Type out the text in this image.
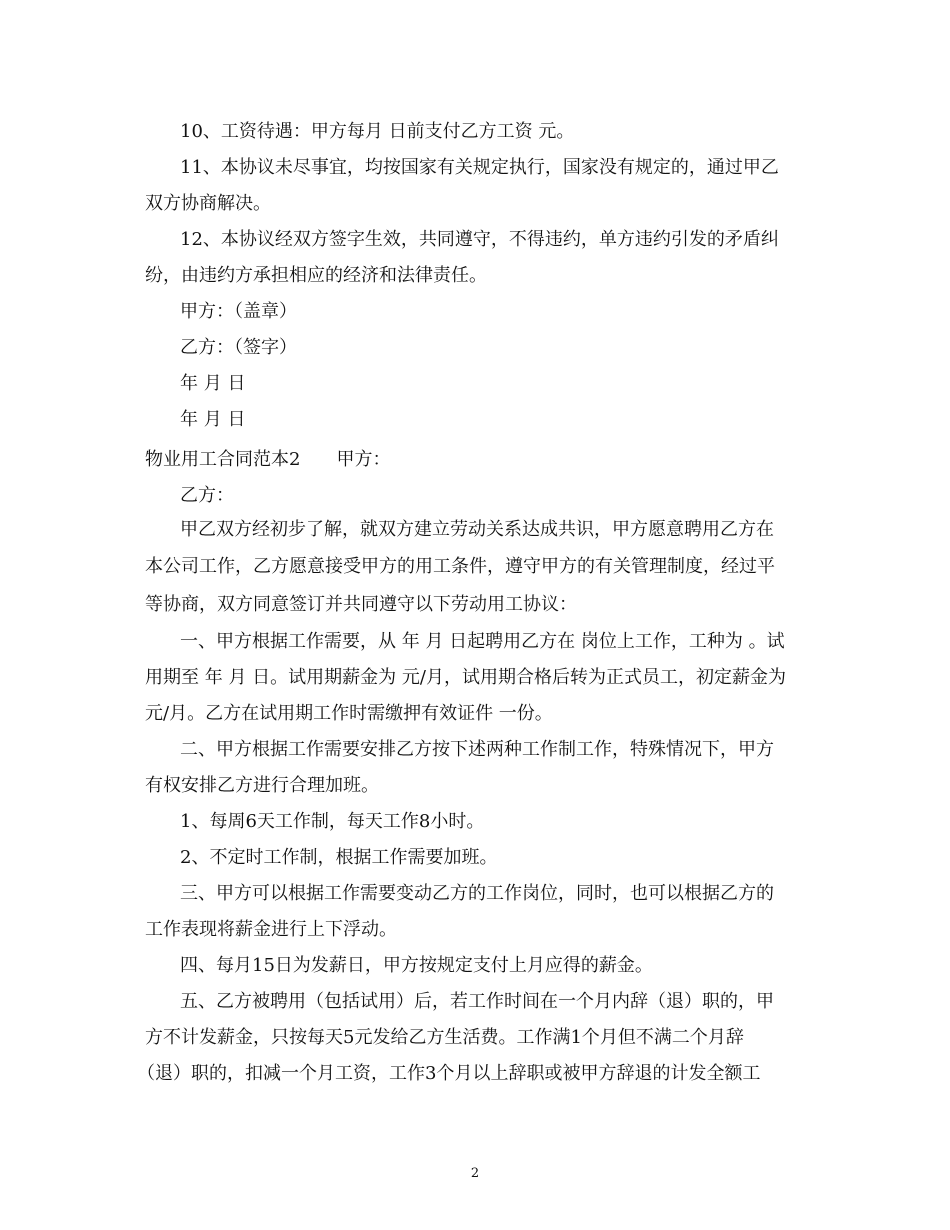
10、工资待遇：甲方每月 日前支付乙方工资 元。
11、本协议未尽事宜，均按国家有关规定执行，国家没有规定的，通过甲乙
双方协商解决。
12、本协议经双方签字生效，共同遵守，不得违约，单方违约引发的矛盾纠
纷，由违约方承担相应的经济和法律责任。
甲方：（盖章）
乙方：（签字）
年 月 日
年 月 日
物业用工合同范本2　　甲方：
乙方：
甲乙双方经初步了解，就双方建立劳动关系达成共识，甲方愿意聘用乙方在
本公司工作，乙方愿意接受甲方的用工条件，遵守甲方的有关管理制度，经过平
等协商，双方同意签订并共同遵守以下劳动用工协议：
一、甲方根据工作需要，从 年 月 日起聘用乙方在 岗位上工作，工种为 。试
用期至 年 月 日。试用期薪金为 元/月，试用期合格后转为正式员工，初定薪金为
元/月。乙方在试用期工作时需缴押有效证件 一份。
二、甲方根据工作需要安排乙方按下述两种工作制工作，特殊情况下，甲方
有权安排乙方进行合理加班。
1、每周6天工作制，每天工作8小时。
2、不定时工作制，根据工作需要加班。
三、甲方可以根据工作需要变动乙方的工作岗位，同时，也可以根据乙方的
工作表现将薪金进行上下浮动。
四、每月15日为发薪日，甲方按规定支付上月应得的薪金。
五、乙方被聘用（包括试用）后，若工作时间在一个月内辞（退）职的，甲
方不计发薪金，只按每天5元发给乙方生活费。工作满1个月但不满二个月辞
（退）职的，扣减一个月工资，工作3个月以上辞职或被甲方辞退的计发全额工
2
